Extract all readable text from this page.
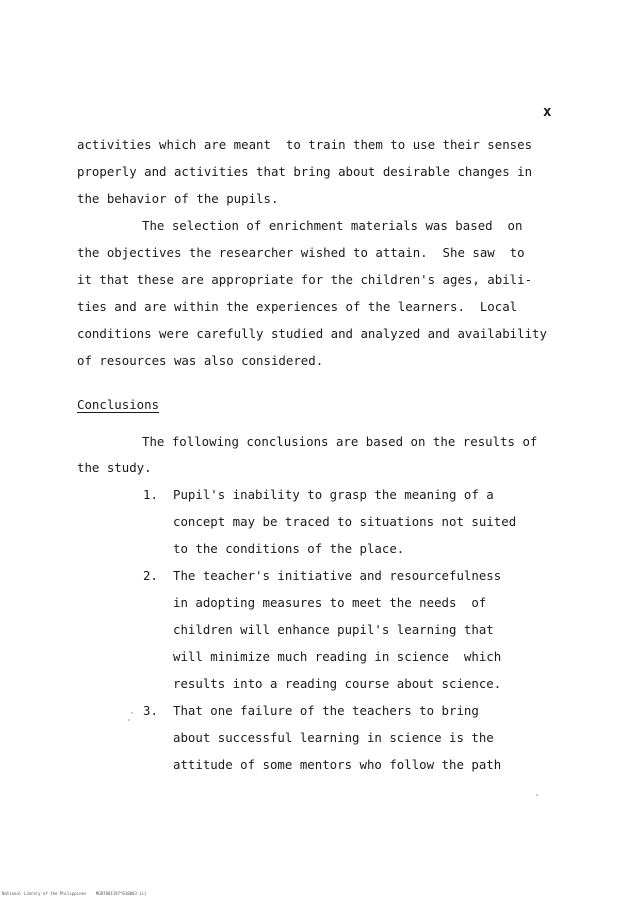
x
activities which are meant  to train them to use their senses
properly and activities that bring about desirable changes in
the behavior of the pupils.
The selection of enrichment materials was based  on
the objectives the researcher wished to attain.  She saw  to
it that these are appropriate for the children's ages, abili-
ties and are within the experiences of the learners.  Local
conditions were carefully studied and analyzed and availability
of resources was also considered.
Conclusions
The following conclusions are based on the results of
the study.
1. Pupil's inability to grasp the meaning of a
concept may be traced to situations not suited
to the conditions of the place.
2. The teacher's initiative and resourcefulness
in adopting measures to meet the needs  of
children will enhance pupil's learning that
will minimize much reading in science  which
results into a reading course about science.
3. That one failure of the teachers to bring
about successful learning in science is the
attitude of some mentors who follow the path
National Library of the Philippines    MGR7001197*010003 iii
